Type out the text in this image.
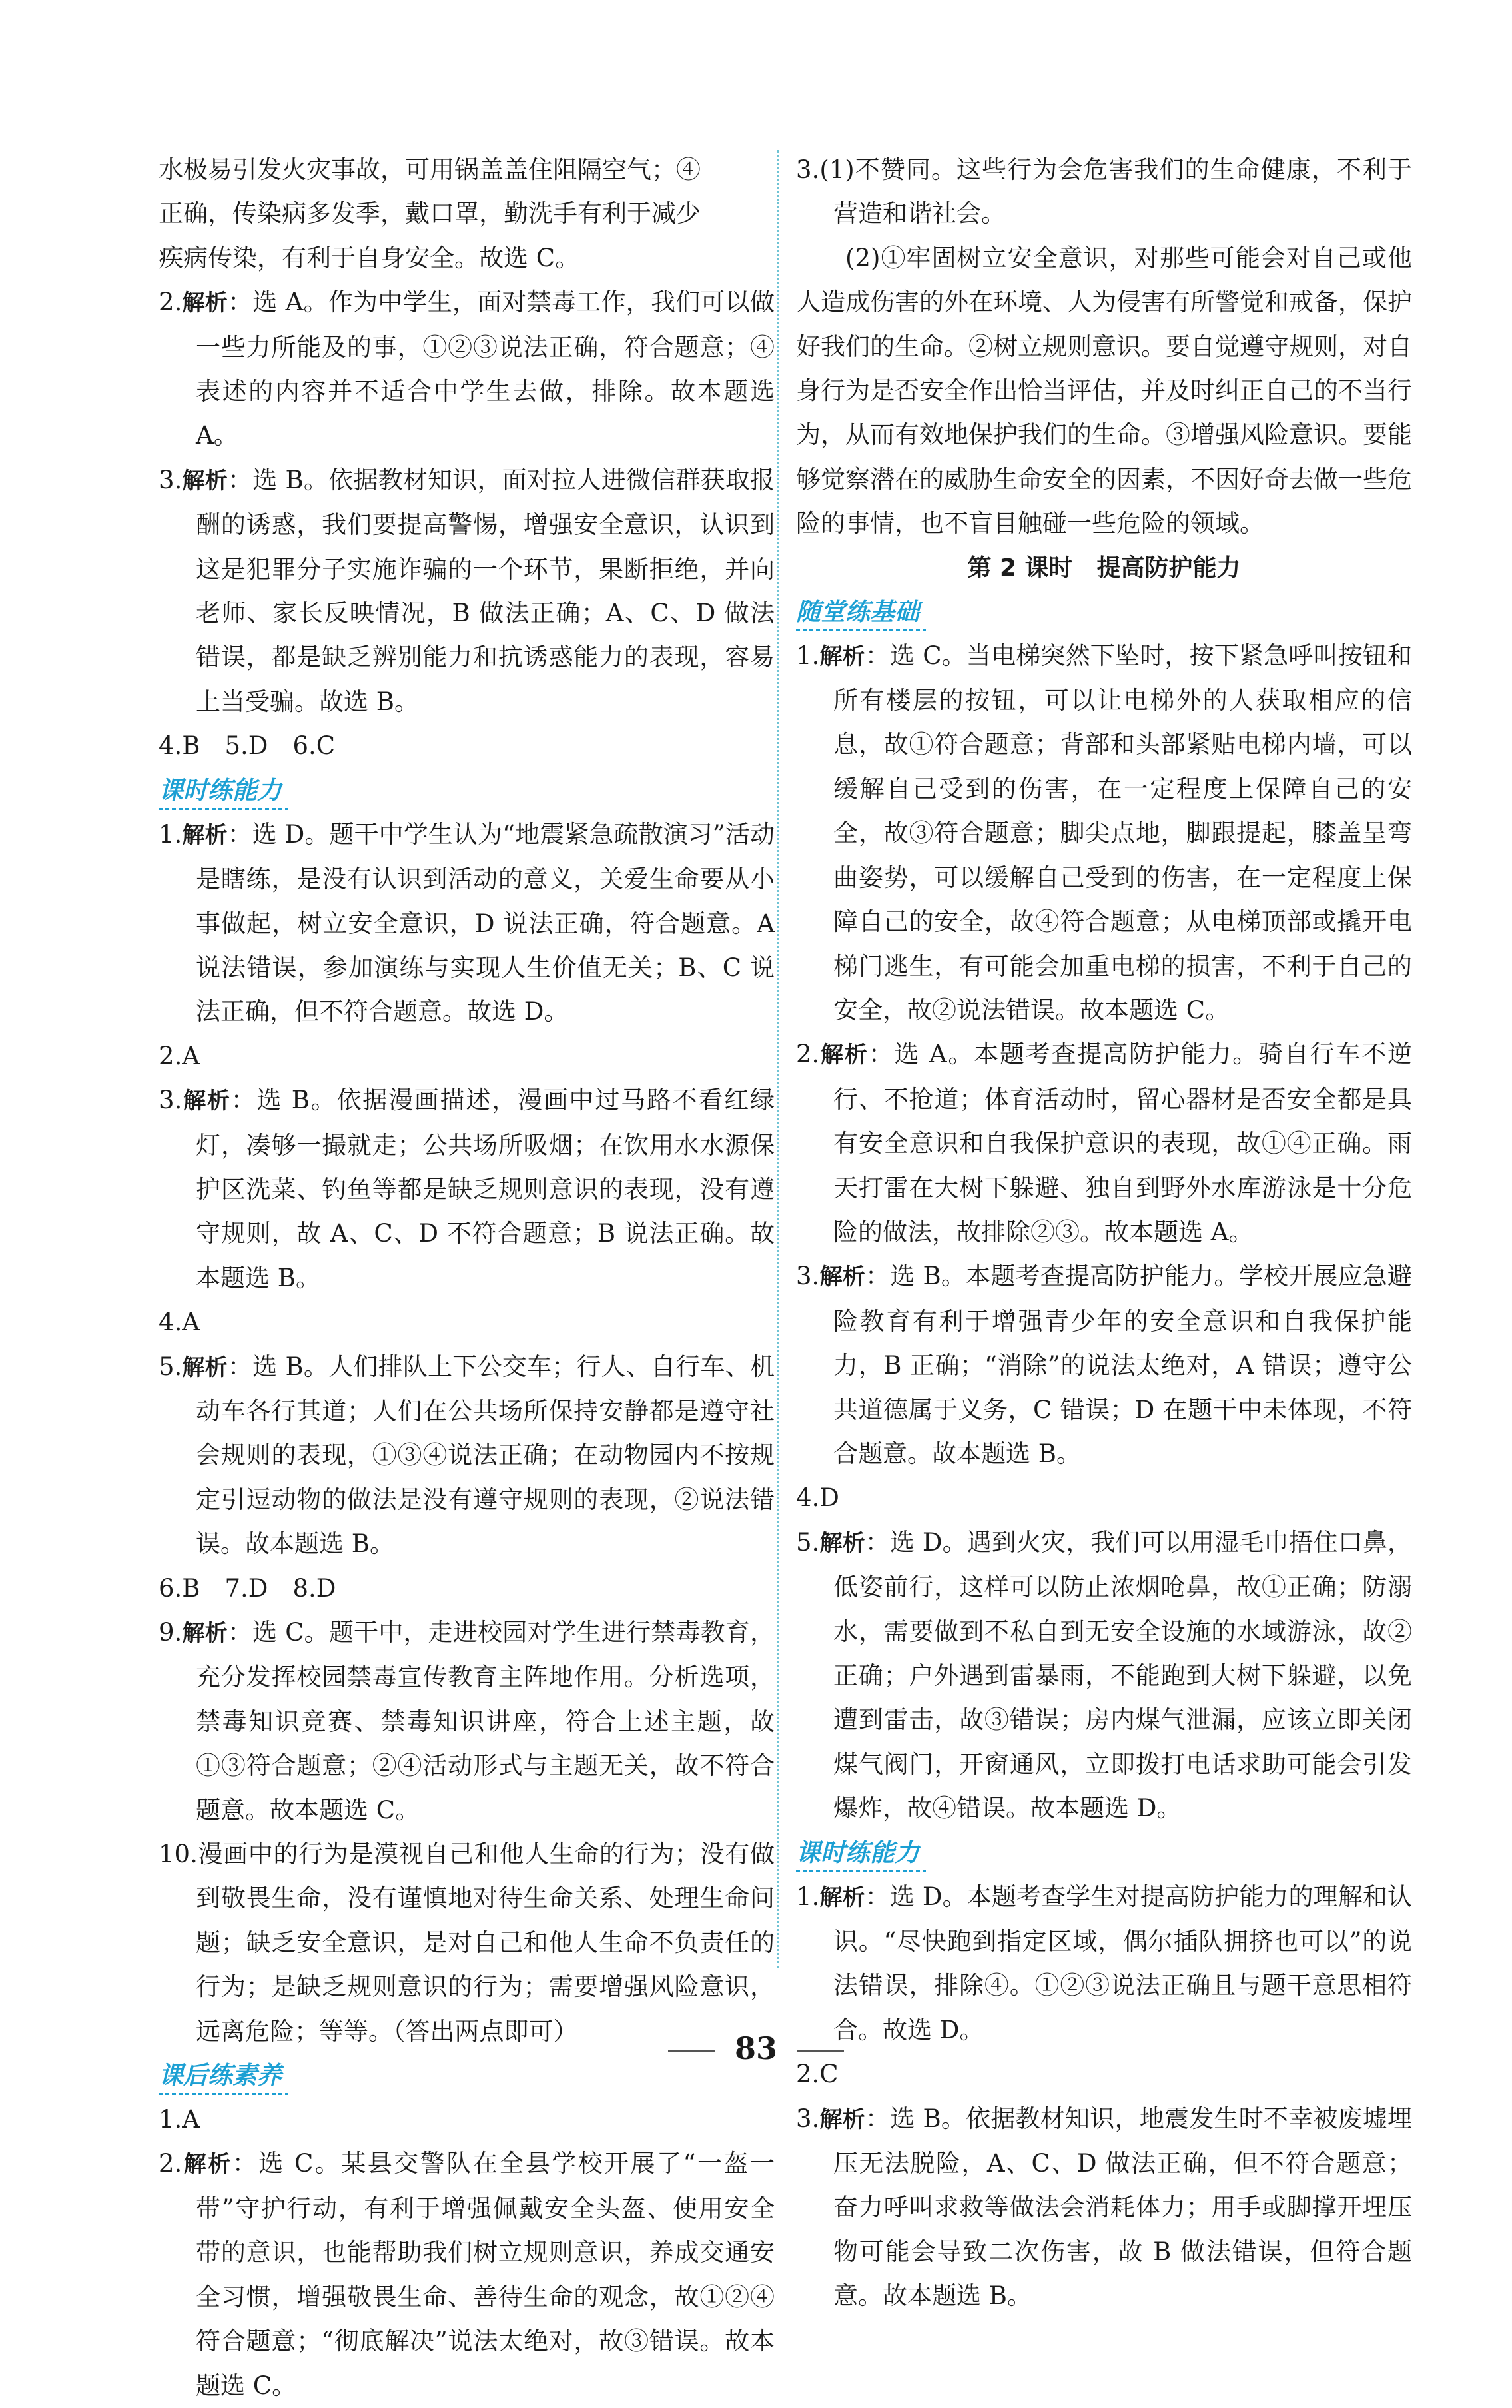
水极易引发火灾事故，可用锅盖盖住阻隔空气；④

正确，传染病多发季，戴口罩，勤洗手有利于减少

疾病传染，有利于自身安全。故选 C。

2.解析：选 A。作为中学生，面对禁毒工作，我们可以做一些力所能及的事，①②③说法正确，符合题意；④表述的内容并不适合中学生去做，排除。故本题选 A。

3.解析：选 B。依据教材知识，面对拉人进微信群获取报酬的诱惑，我们要提高警惕，增强安全意识，认识到这是犯罪分子实施诈骗的一个环节，果断拒绝，并向老师、家长反映情况，B 做法正确；A、C、D 做法错误，都是缺乏辨别能力和抗诱惑能力的表现，容易上当受骗。故选 B。

4.B　5.D　6.C

课时练能力

1.解析：选 D。题干中学生认为“地震紧急疏散演习”活动是瞎练，是没有认识到活动的意义，关爱生命要从小事做起，树立安全意识，D 说法正确，符合题意。A 说法错误，参加演练与实现人生价值无关；B、C 说法正确，但不符合题意。故选 D。

2.A

3.解析：选 B。依据漫画描述，漫画中过马路不看红绿灯，凑够一撮就走；公共场所吸烟；在饮用水水源保护区洗菜、钓鱼等都是缺乏规则意识的表现，没有遵守规则，故 A、C、D 不符合题意；B 说法正确。故本题选 B。

4.A

5.解析：选 B。人们排队上下公交车；行人、自行车、机动车各行其道；人们在公共场所保持安静都是遵守社会规则的表现，①③④说法正确；在动物园内不按规定引逗动物的做法是没有遵守规则的表现，②说法错误。故本题选 B。

6.B　7.D　8.D

9.解析：选 C。题干中，走进校园对学生进行禁毒教育，充分发挥校园禁毒宣传教育主阵地作用。分析选项，禁毒知识竞赛、禁毒知识讲座，符合上述主题，故①③符合题意；②④活动形式与主题无关，故不符合题意。故本题选 C。

10.漫画中的行为是漠视自己和他人生命的行为；没有做到敬畏生命，没有谨慎地对待生命关系、处理生命问题；缺乏安全意识，是对自己和他人生命不负责任的行为；是缺乏规则意识的行为；需要增强风险意识，远离危险；等等。（答出两点即可）

课后练素养

1.A

2.解析：选 C。某县交警队在全县学校开展了“一盔一带”守护行动，有利于增强佩戴安全头盔、使用安全带的意识，也能帮助我们树立规则意识，养成交通安全习惯，增强敬畏生命、善待生命的观念，故①②④符合题意；“彻底解决”说法太绝对，故③错误。故本题选 C。

3.(1)不赞同。这些行为会危害我们的生命健康，不利于营造和谐社会。

(2)①牢固树立安全意识，对那些可能会对自己或他人造成伤害的外在环境、人为侵害有所警觉和戒备，保护好我们的生命。②树立规则意识。要自觉遵守规则，对自身行为是否安全作出恰当评估，并及时纠正自己的不当行为，从而有效地保护我们的生命。③增强风险意识。要能够觉察潜在的威胁生命安全的因素，不因好奇去做一些危险的事情，也不盲目触碰一些危险的领域。

第 2 课时　提高防护能力

随堂练基础

1.解析：选 C。当电梯突然下坠时，按下紧急呼叫按钮和所有楼层的按钮，可以让电梯外的人获取相应的信息，故①符合题意；背部和头部紧贴电梯内墙，可以缓解自己受到的伤害，在一定程度上保障自己的安全，故③符合题意；脚尖点地，脚跟提起，膝盖呈弯曲姿势，可以缓解自己受到的伤害，在一定程度上保障自己的安全，故④符合题意；从电梯顶部或撬开电梯门逃生，有可能会加重电梯的损害，不利于自己的安全，故②说法错误。故本题选 C。

2.解析：选 A。本题考查提高防护能力。骑自行车不逆行、不抢道；体育活动时，留心器材是否安全都是具有安全意识和自我保护意识的表现，故①④正确。雨天打雷在大树下躲避、独自到野外水库游泳是十分危险的做法，故排除②③。故本题选 A。

3.解析：选 B。本题考查提高防护能力。学校开展应急避险教育有利于增强青少年的安全意识和自我保护能力，B 正确；“消除”的说法太绝对，A 错误；遵守公共道德属于义务，C 错误；D 在题干中未体现，不符合题意。故本题选 B。

4.D

5.解析：选 D。遇到火灾，我们可以用湿毛巾捂住口鼻，低姿前行，这样可以防止浓烟呛鼻，故①正确；防溺水，需要做到不私自到无安全设施的水域游泳，故②正确；户外遇到雷暴雨，不能跑到大树下躲避，以免遭到雷击，故③错误；房内煤气泄漏，应该立即关闭煤气阀门，开窗通风，立即拨打电话求助可能会引发爆炸，故④错误。故本题选 D。

课时练能力

1.解析：选 D。本题考查学生对提高防护能力的理解和认识。“尽快跑到指定区域，偶尔插队拥挤也可以”的说法错误，排除④。①②③说法正确且与题干意思相符合。故选 D。

2.C

3.解析：选 B。依据教材知识，地震发生时不幸被废墟埋压无法脱险，A、C、D 做法正确，但不符合题意；奋力呼叫求救等做法会消耗体力；用手或脚撑开埋压物可能会导致二次伤害，故 B 做法错误，但符合题意。故本题选 B。

83
